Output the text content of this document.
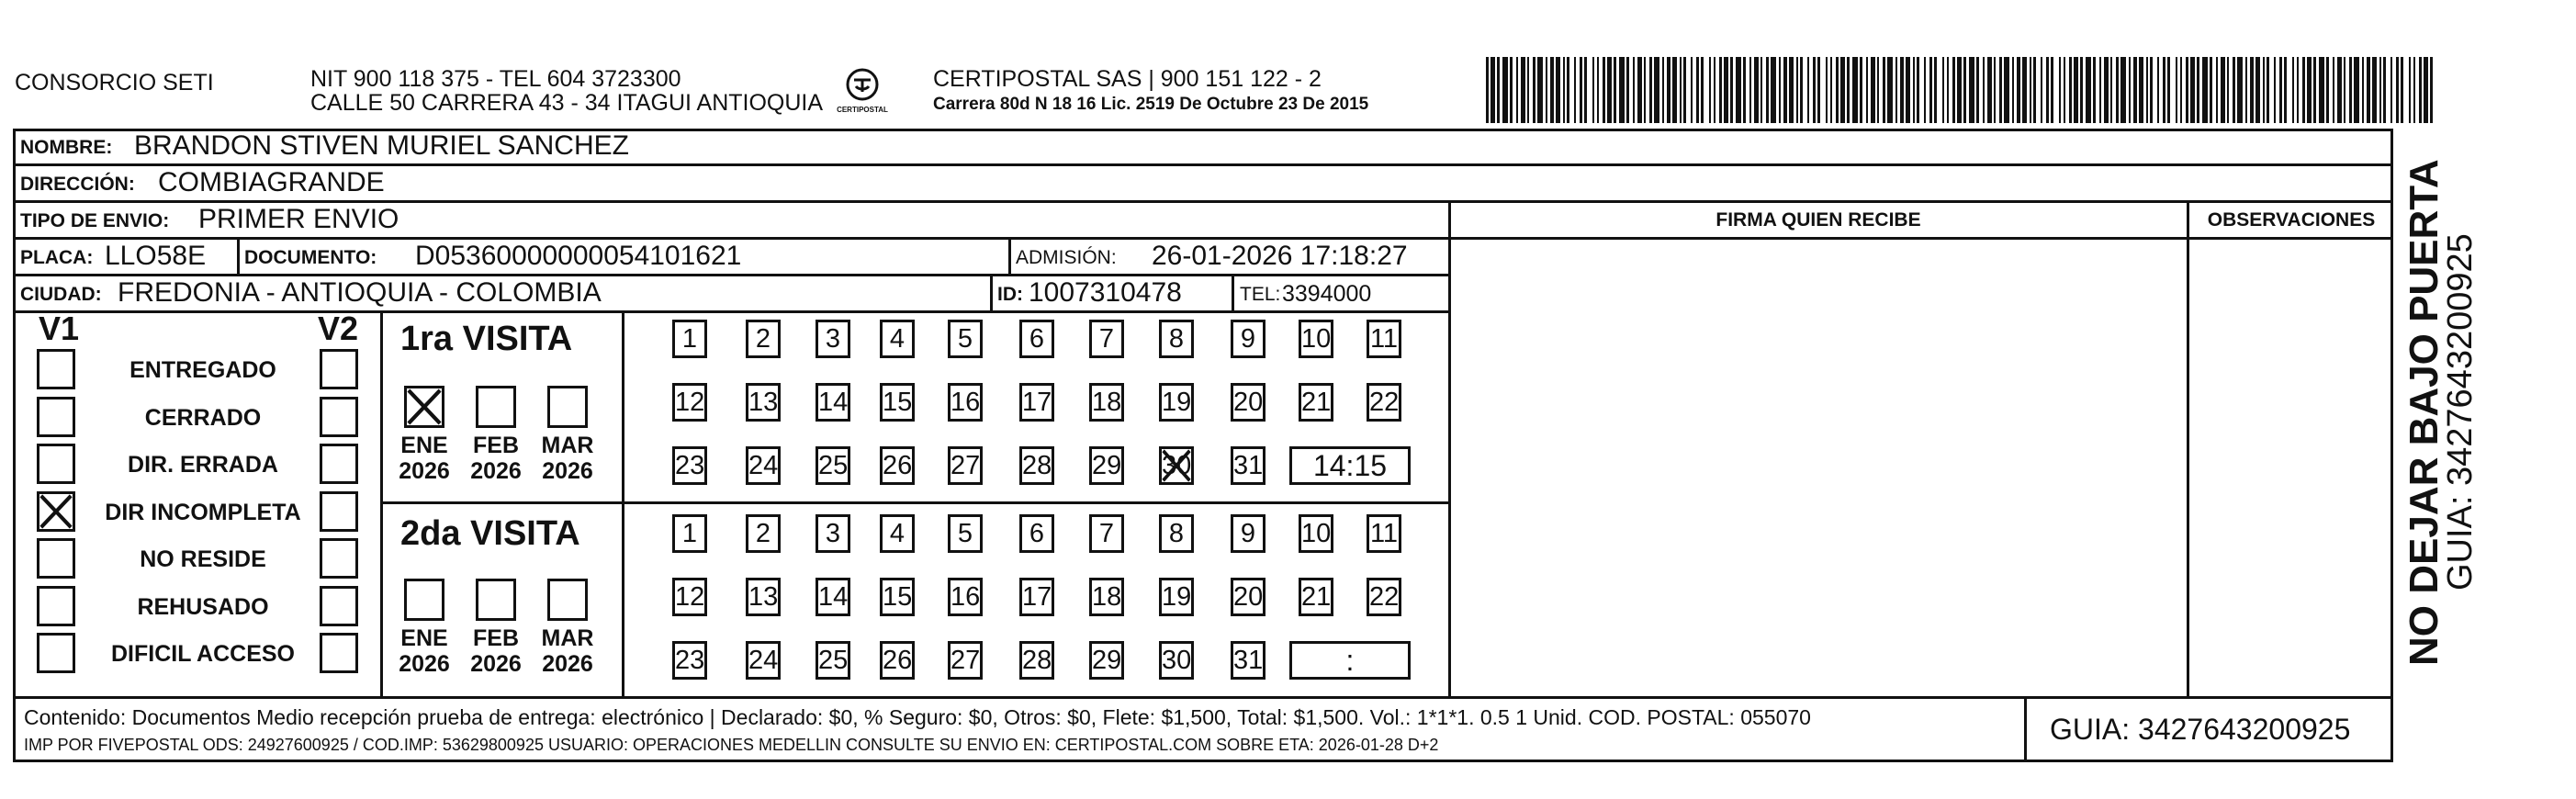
CONSORCIO SETI	NIT 900 118 375 - TEL 604 3723300
CALLE 50 CARRERA 43 - 34 ITAGUI ANTIOQUIA	CERTIPOSTAL
CERTIPOSTAL SAS | 900 151 122 - 2
Carrera 80d N 18 16 Lic. 2519 De Octubre 23 De 2015
NOMBRE: BRANDON STIVEN MURIEL SANCHEZ
DIRECCIÓN: COMBIAGRANDE
TIPO DE ENVIO: PRIMER ENVIO	FIRMA QUIEN RECIBE	OBSERVACIONES
PLACA: LLO58E DOCUMENTO: D05360000000054101621	ADMISIÓN: 26-01-2026 17:18:27
CIUDAD: FREDONIA - ANTIOQUIA - COLOMBIA	ID: 1007310478	TEL: 3394000
V1	V2
ENTREGADO
CERRADO
DIR. ERRADA
DIR INCOMPLETA
NO RESIDE
REHUSADO
DIFICIL ACCESO
1ra VISITA
2da VISITA
ENE
2026
FEB
2026
MAR
2026
ENE
2026
FEB
2026
MAR
2026
1	2	3	4	5	6	7	8	9	10 11
12 13 14 15 16 17 18 19 20 21 22
23 24 25 26 27 28 29 30 31	14:15
1	2	3	4	5	6	7	8	9	10 11
12 13 14 15 16 17 18 19 20 21 22
23 24 25 26 27 28 29 30 31	:
Contenido: Documentos Medio recepción prueba de entrega: electrónico | Declarado: $0, % Seguro: $0, Otros: $0, Flete: $1,500, Total: $1,500. Vol.: 1*1*1. 0.5 1 Unid. COD. POSTAL: 055070
IMP POR FIVEPOSTAL ODS: 24927600925 / COD.IMP: 53629800925 USUARIO: OPERACIONES MEDELLIN CONSULTE SU ENVIO EN: CERTIPOSTAL.COM SOBRE ETA: 2026-01-28 D+2	GUIA: 3427643200925
NO DEJAR BAJO PUERTA
GUIA: 3427643200925
